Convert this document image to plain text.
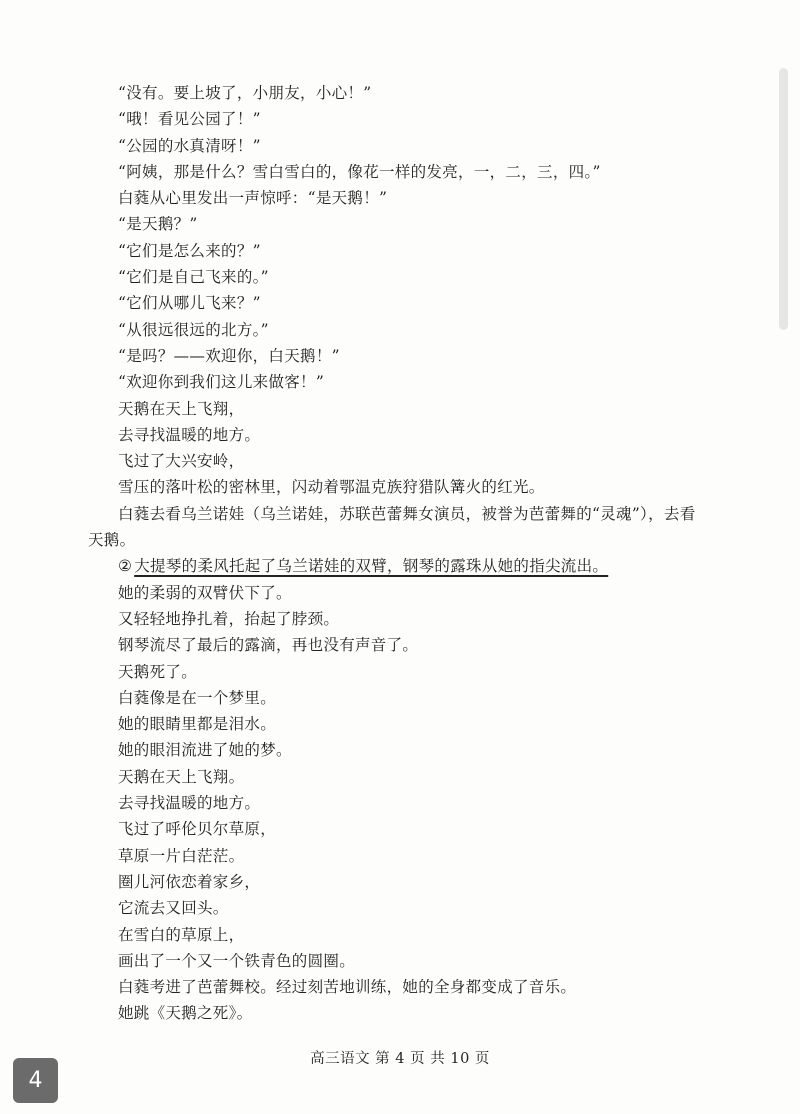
“没有。要上坡了，小朋友，小心！”
“哦！看见公园了！”
“公园的水真清呀！”
“阿姨，那是什么？雪白雪白的，像花一样的发亮，一，二，三，四。”
白蕤从心里发出一声惊呼：“是天鹅！”
“是天鹅？”
“它们是怎么来的？”
“它们是自己飞来的。”
“它们从哪儿飞来？”
“从很远很远的北方。”
“是吗？——欢迎你，白天鹅！”
“欢迎你到我们这儿来做客！”
天鹅在天上飞翔，
去寻找温暖的地方。
飞过了大兴安岭，
雪压的落叶松的密林里，闪动着鄂温克族狩猎队篝火的红光。
白蕤去看乌兰诺娃（乌兰诺娃，苏联芭蕾舞女演员，被誉为芭蕾舞的“灵魂”），去看
天鹅。
② 大提琴的柔风托起了乌兰诺娃的双臂，钢琴的露珠从她的指尖流出。
她的柔弱的双臂伏下了。
又轻轻地挣扎着，抬起了脖颈。
钢琴流尽了最后的露滴，再也没有声音了。
天鹅死了。
白蕤像是在一个梦里。
她的眼睛里都是泪水。
她的眼泪流进了她的梦。
天鹅在天上飞翔。
去寻找温暖的地方。
飞过了呼伦贝尔草原，
草原一片白茫茫。
圈儿河依恋着家乡，
它流去又回头。
在雪白的草原上，
画出了一个又一个铁青色的圆圈。
白蕤考进了芭蕾舞校。经过刻苦地训练，她的全身都变成了音乐。
她跳《天鹅之死》。
高三语文 第 4 页 共 10 页
4
